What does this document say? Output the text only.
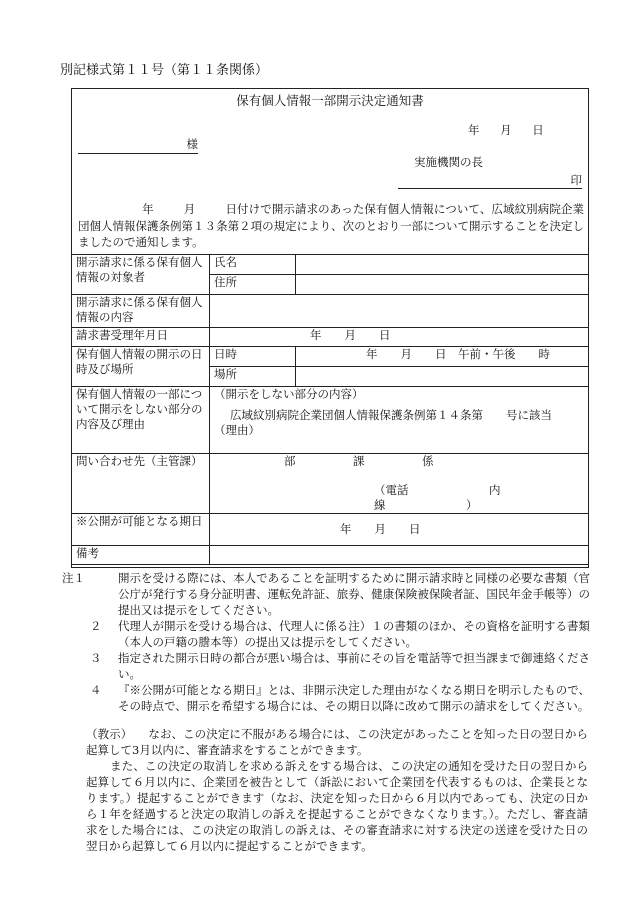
別記様式第１１号（第１１条関係）
保有個人情報一部開示決定通知書
年 月 日
様
実施機関の長
印
年	月	日付けで開示請求のあった保有個人情報について、広域紋別病院企業団個人情報保護条例第１３条第２項の規定により、次のとおり一部について開示することを決定しましたので通知します。
開示請求に係る保有個人情報の対象者	氏名	
	住所	
開示請求に係る保有個人情報の内容		
請求書受理年月日	年　　月　　日	
保有個人情報の開示の日時及び場所	日時	年　　月　　日　午前・午後　　時
	場所	
保有個人情報の一部について開示をしない部分の内容及び理由	（開示をしない部分の内容）
広域紋別病院企業団個人情報保護条例第１４条第　　号に該当
（理由）	

問い合わせ先（主管課）	部　　　　　課　　　　　係
（電話　　　　　　　内線　　　　　　　）	

※公開が可能となる期日	年　　月　　日	
備考		
注１	開示を受ける際には、本人であることを証明するために開示請求時と同様の必要な書類（官公庁が発行する身分証明書、運転免許証、旅券、健康保険被保険者証、国民年金手帳等）の提出又は提示をしてください。
２	代理人が開示を受ける場合は、代理人に係る注）１の書類のほか、その資格を証明する書類（本人の戸籍の謄本等）の提出又は提示をしてください。
３	指定された開示日時の都合が悪い場合は、事前にその旨を電話等で担当課まで御連絡ください。
４	『※公開が可能となる期日』とは、非開示決定した理由がなくなる期日を明示したもので、その時点で、開示を希望する場合には、その期日以降に改めて開示の請求をしてください。

（教示） なお、この決定に不服がある場合には、この決定があったことを知った日の翌日から起算して3月以内に、審査請求をすることができます。

また、この決定の取消しを求める訴えをする場合は、この決定の通知を受けた日の翌日から起算して６月以内に、企業団を被告として（訴訟において企業団を代表するものは、企業長となります。）提起することができます（なお、決定を知った日から６月以内であっても、決定の日から１年を経過すると決定の取消しの訴えを提起することができなくなります。）。ただし、審査請求をした場合には、この決定の取消しの訴えは、その審査請求に対する決定の送達を受けた日の翌日から起算して６月以内に提起することができます。
